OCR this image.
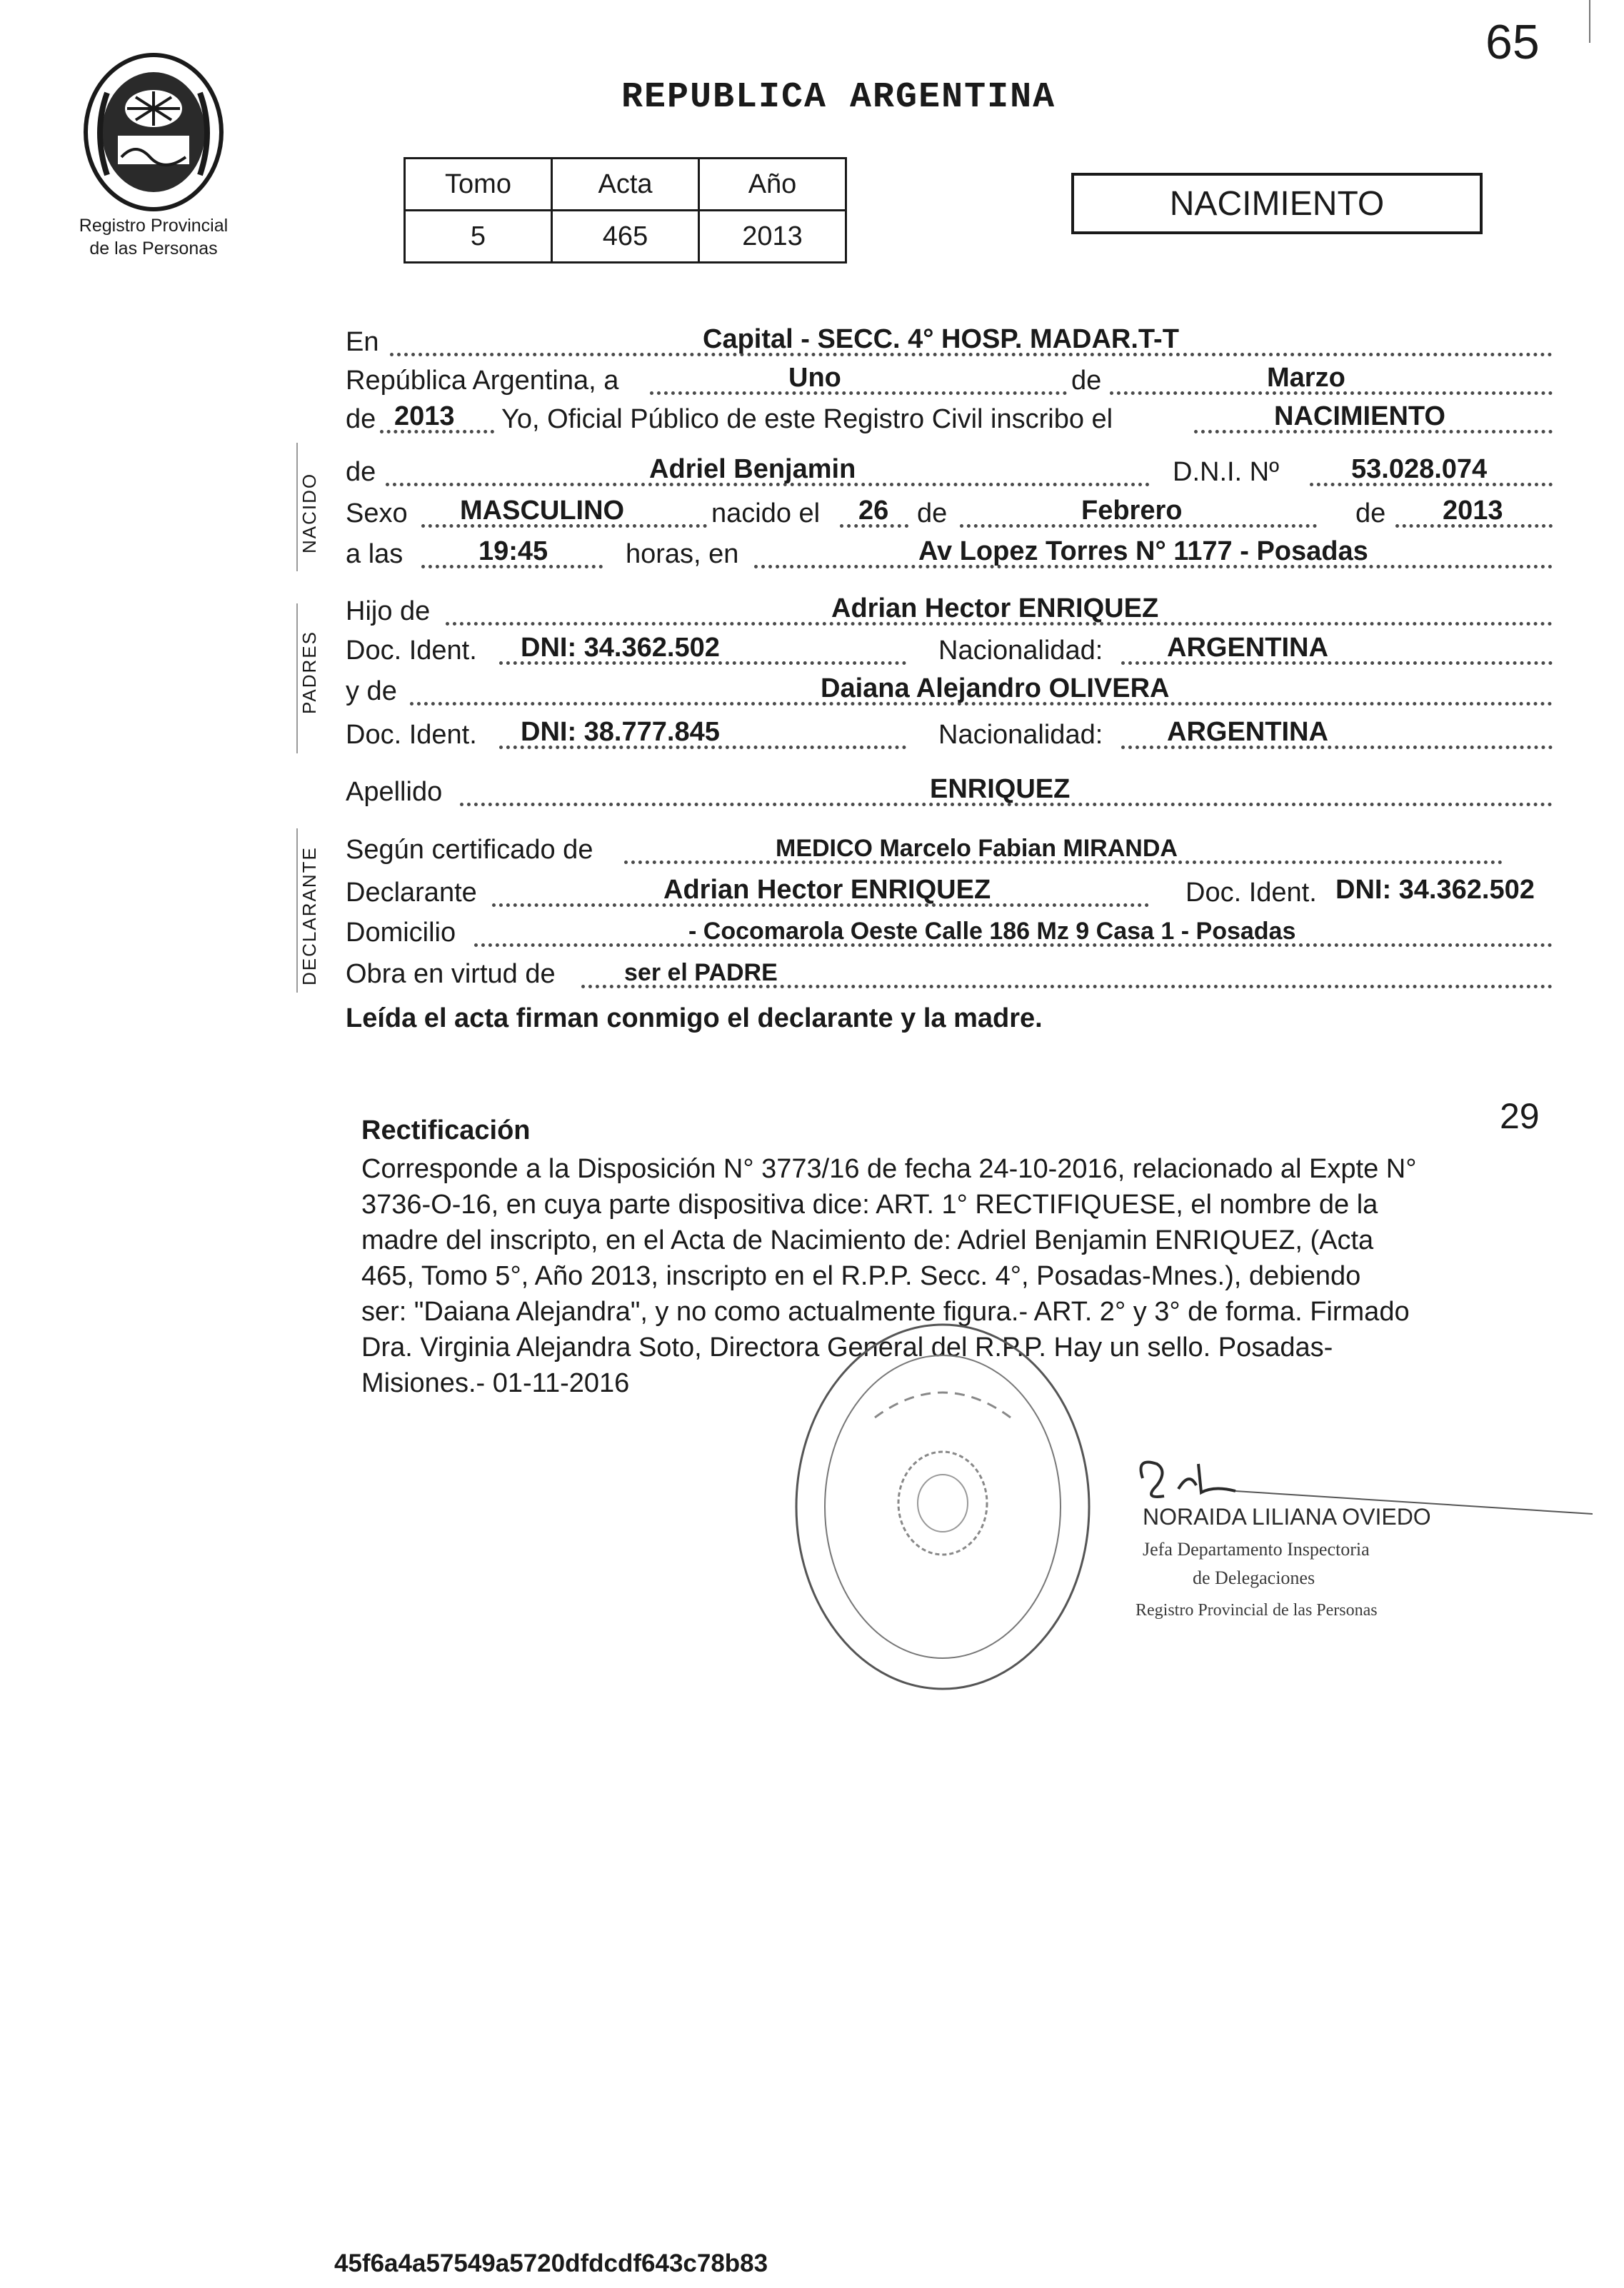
65
Registro Provincial
de las Personas
REPUBLICA ARGENTINA
Tomo	Acta	Año
5	465	2013
NACIMIENTO
NACIDO
PADRES
DECLARANTE
En	Capital - SECC. 4° HOSP. MADAR.T-T
República Argentina, a	Uno	de	Marzo
de 2013 Yo, Oficial Público de este Registro Civil inscribo el	NACIMIENTO
de	Adriel Benjamin	D.N.I. Nº	53.028.074
Sexo MASCULINO	nacido el 26 de	Febrero	de 2013
a las	19:45	horas, en	Av Lopez Torres N° 1177 - Posadas
Hijo de	Adrian Hector ENRIQUEZ
Doc. Ident. DNI: 34.362.502	Nacionalidad: ARGENTINA
y de	Daiana Alejandro OLIVERA
Doc. Ident. DNI: 38.777.845	Nacionalidad: ARGENTINA
Apellido	ENRIQUEZ
Según certificado de	MEDICO Marcelo Fabian MIRANDA
Declarante	Adrian Hector ENRIQUEZ	Doc. Ident. DNI: 34.362.502
Domicilio	- Cocomarola Oeste Calle 186 Mz 9 Casa 1 - Posadas
Obra en virtud de	ser el PADRE
Leída el acta firman conmigo el declarante y la madre.
29
Rectificación
Corresponde a la Disposición N° 3773/16 de fecha 24-10-2016, relacionado al Expte N°
3736-O-16, en cuya parte dispositiva dice: ART. 1° RECTIFIQUESE, el nombre de la
madre del inscripto, en el Acta de Nacimiento de: Adriel Benjamin ENRIQUEZ, (Acta
465, Tomo 5°, Año 2013, inscripto en el R.P.P. Secc. 4°, Posadas-Mnes.), debiendo
ser: "Daiana Alejandra", y no como actualmente figura.- ART. 2° y 3° de forma. Firmado
Dra. Virginia Alejandra Soto, Directora General del R.P.P. Hay un sello. Posadas-
Misiones.- 01-11-2016
NORAIDA LILIANA OVIEDO
Jefa Departamento Inspectoria
de Delegaciones
Registro Provincial de las Personas
45f6a4a57549a5720dfdcdf643c78b83
